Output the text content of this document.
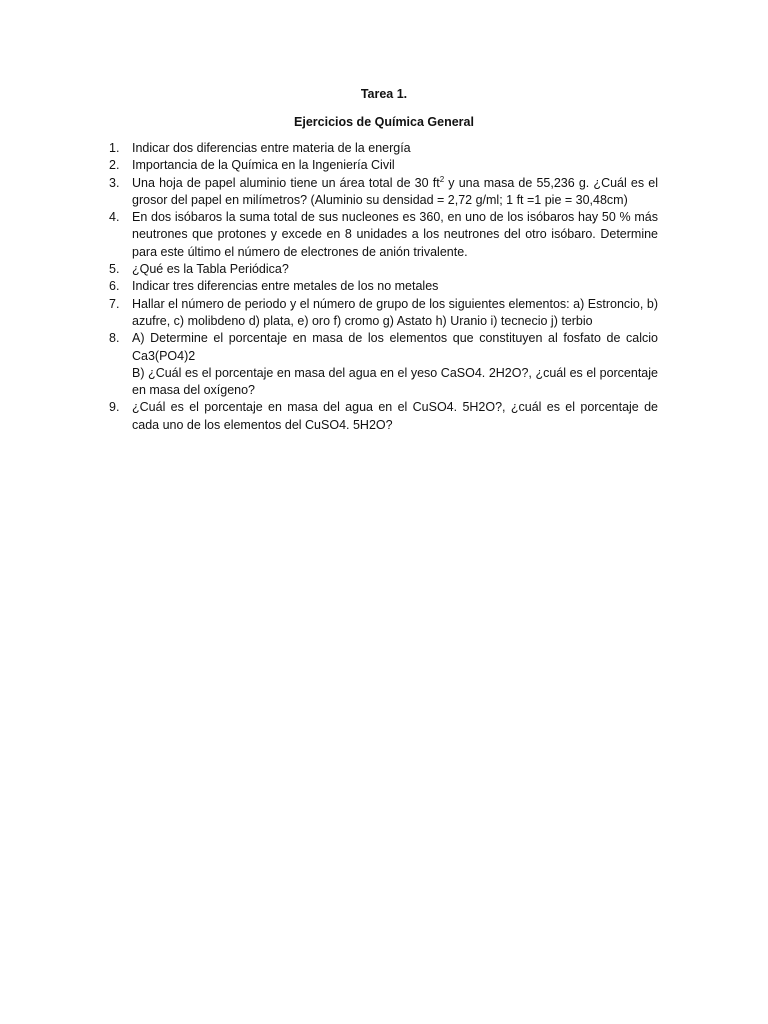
Tarea 1.

Ejercicios de Química General

1. Indicar dos diferencias entre materia de la energía
2. Importancia de la Química en la Ingeniería Civil
3. Una hoja de papel aluminio tiene un área total de 30 $ft^2$ y una masa de 55,236 g. ¿Cuál es el grosor del papel en milímetros? (Aluminio su densidad = 2,72 g/ml; 1 ft =1 pie = 30,48cm)
4. En dos isóbaros la suma total de sus nucleones es 360, en uno de los isóbaros hay 50 % más neutrones que protones y excede en 8 unidades a los neutrones del otro isóbaro. Determine para este último el número de electrones de anión trivalente.
5. ¿Qué es la Tabla Periódica?
6. Indicar tres diferencias entre metales de los no metales
7. Hallar el número de periodo y el número de grupo de los siguientes elementos: a) Estroncio, b) azufre, c) molibdeno d) plata, e) oro f) cromo g) Astato h) Uranio i) tecnecio j) terbio
8. A) Determine el porcentaje en masa de los elementos que constituyen al fosfato de calcio Ca3(PO4)2
B) ¿Cuál es el porcentaje en masa del agua en el yeso CaSO4. 2H2O?, ¿cuál es el porcentaje en masa del oxígeno?
9. ¿Cuál es el porcentaje en masa del agua en el CuSO4. 5H2O?, ¿cuál es el porcentaje de cada uno de los elementos del CuSO4. 5H2O?
